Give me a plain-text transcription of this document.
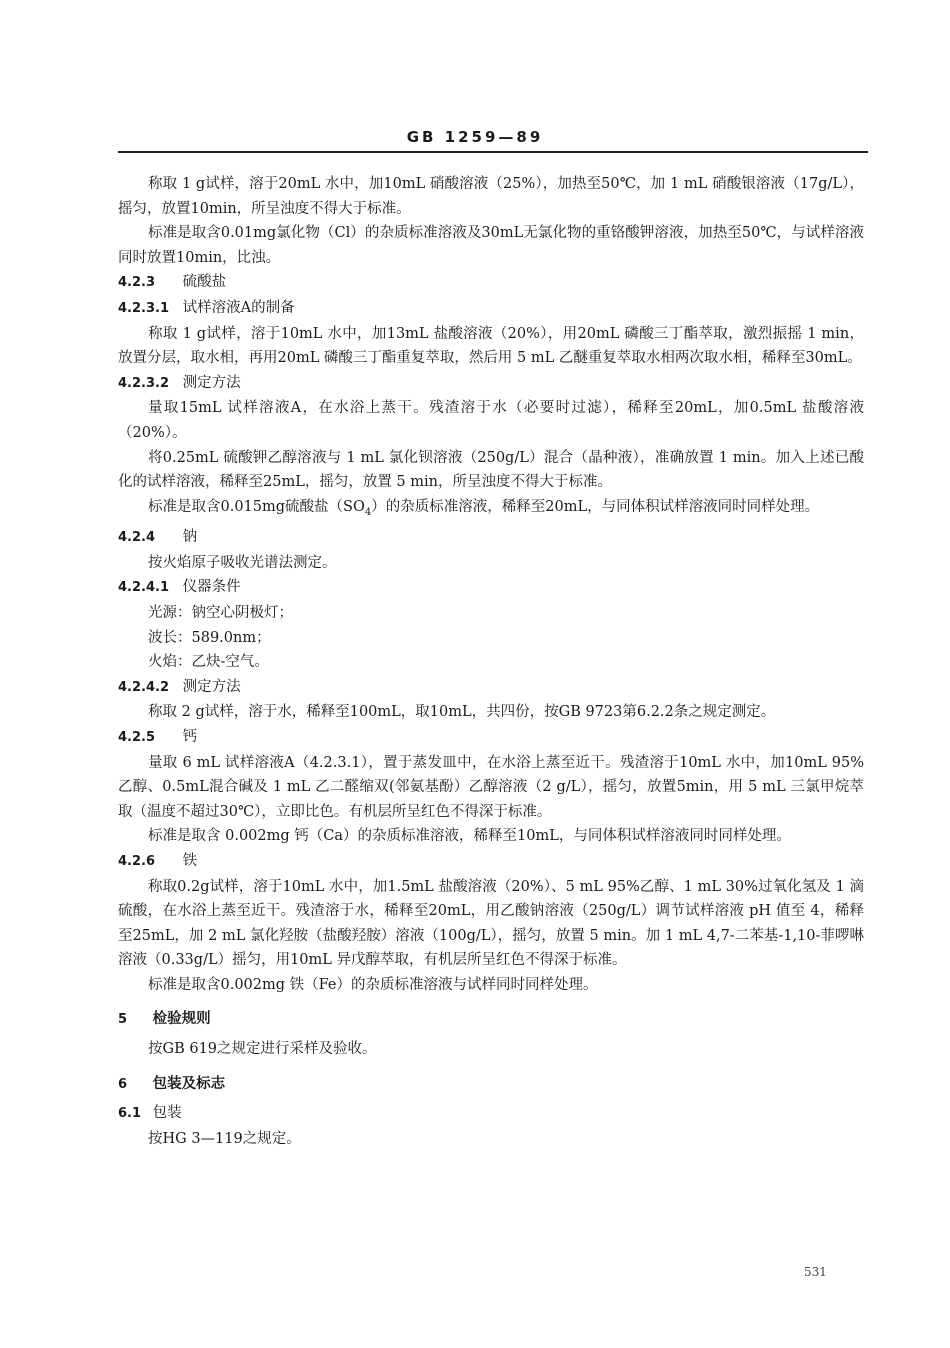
GB 1259—89

称取 1 g试样，溶于20mL 水中，加10mL 硝酸溶液（25%），加热至50℃，加 1 mL 硝酸银溶液（17g/L），摇匀，放置10min，所呈浊度不得大于标准。

标准是取含0.01mg氯化物（Cl）的杂质标准溶液及30mL无氯化物的重铬酸钾溶液，加热至50℃，与试样溶液同时放置10min，比浊。

4.2.3 硫酸盐

4.2.3.1 试样溶液A的制备

称取 1 g试样，溶于10mL 水中，加13mL 盐酸溶液（20%），用20mL 磷酸三丁酯萃取，激烈振摇 1 min，放置分层，取水相，再用20mL 磷酸三丁酯重复萃取，然后用 5 mL 乙醚重复萃取水相两次取水相，稀释至30mL。

4.2.3.2 测定方法

量取15mL 试样溶液A，在水浴上蒸干。残渣溶于水（必要时过滤），稀释至20mL，加0.5mL 盐酸溶液（20%）。

将0.25mL 硫酸钾乙醇溶液与 1 mL 氯化钡溶液（250g/L）混合（晶种液），准确放置 1 min。加入上述已酸化的试样溶液，稀释至25mL，摇匀，放置 5 min，所呈浊度不得大于标准。

标准是取含0.015mg硫酸盐$(SO_4)$的杂质标准溶液，稀释至20mL，与同体积试样溶液同时同样处理。

4.2.4 钠

按火焰原子吸收光谱法测定。

4.2.4.1 仪器条件

光源：钠空心阴极灯；

波长：589.0nm；

火焰：乙炔-空气。

4.2.4.2 测定方法

称取 2 g试样，溶于水，稀释至100mL，取10mL，共四份，按GB 9723第6.2.2条之规定测定。

4.2.5 钙

量取 6 mL 试样溶液A（4.2.3.1），置于蒸发皿中，在水浴上蒸至近干。残渣溶于10mL 水中，加10mL 95%乙醇、0.5mL混合碱及 1 mL 乙二醛缩双(邻氨基酚）乙醇溶液（2 g/L），摇匀，放置5min，用 5 mL 三氯甲烷萃取（温度不超过30℃），立即比色。有机层所呈红色不得深于标准。

标准是取含 0.002mg 钙（Ca）的杂质标准溶液，稀释至10mL，与同体积试样溶液同时同样处理。

4.2.6 铁

称取0.2g试样，溶于10mL 水中，加1.5mL 盐酸溶液（20%）、5 mL 95%乙醇、1 mL 30%过氧化氢及 1 滴硫酸，在水浴上蒸至近干。残渣溶于水，稀释至20mL，用乙酸钠溶液（250g/L）调节试样溶液 pH 值至 4，稀释至25mL，加 2 mL 氯化羟胺（盐酸羟胺）溶液（100g/L），摇匀，放置 5 min。加 1 mL 4,7-二苯基-1,10-菲啰啉溶液（0.33g/L）摇匀，用10mL 异戊醇萃取，有机层所呈红色不得深于标准。

标准是取含0.002mg 铁（Fe）的杂质标准溶液与试样同时同样处理。

5 检验规则

按GB 619之规定进行采样及验收。

6 包装及标志

6.1 包装

按HG 3—119之规定。

531
